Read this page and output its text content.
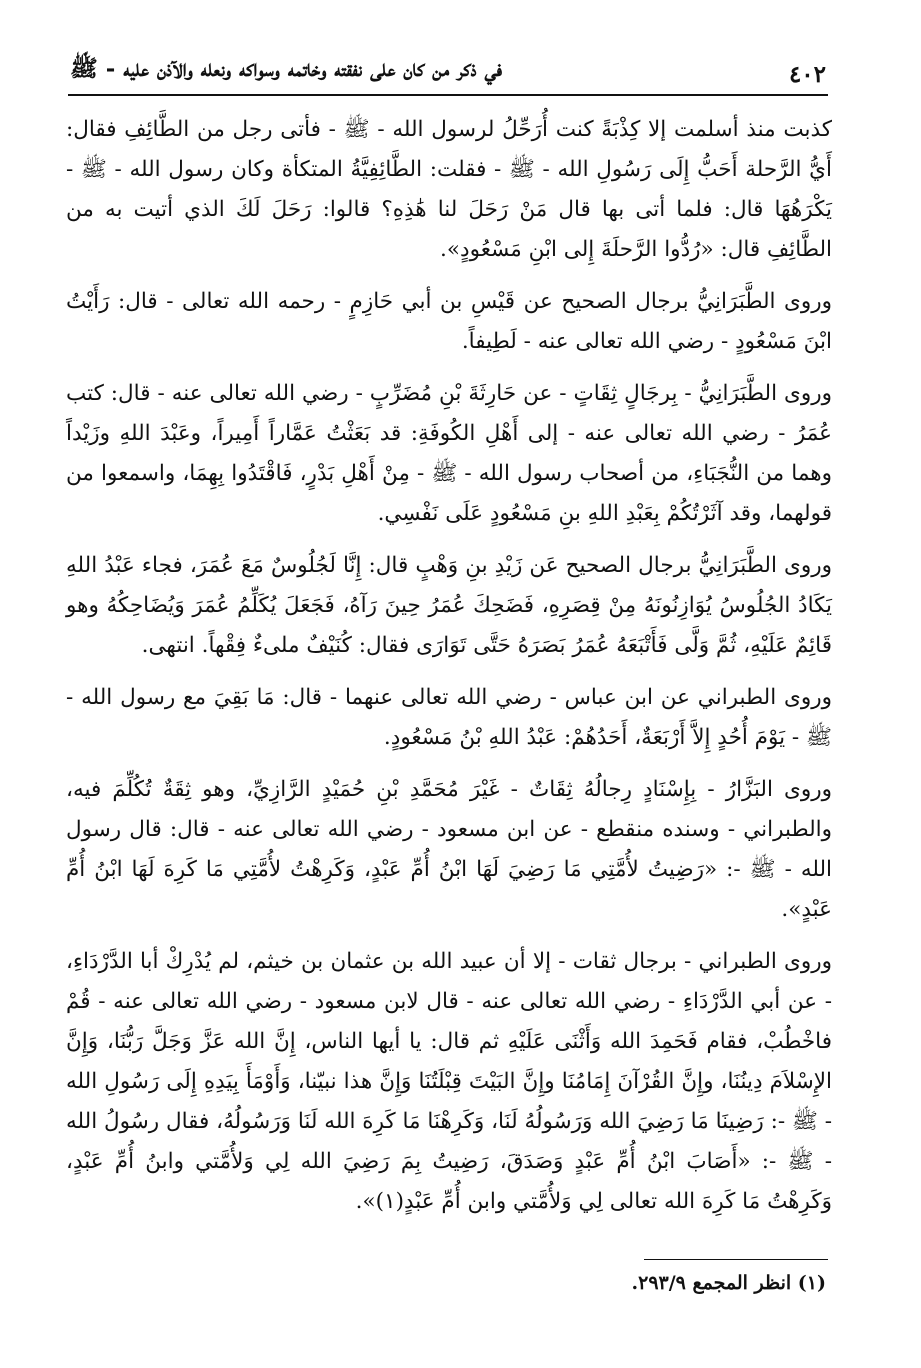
٤٠٢
في ذكر من كان على نفقته وخاتمه وسواكه ونعله والآذن عليه - ﷺ

كذبت منذ أسلمت إلا كِذْبَةً كنت أُرَحِّلُ لرسول الله - ﷺ - فأتى رجل من الطَّائِفِ فقال: أَيُّ الرَّحلة أَحَبُّ إِلَى رَسُولِ الله - ﷺ - فقلت: الطَّائِفِيَّةُ المتكأة وكان رسول الله - ﷺ - يَكْرَهُهَا قال: فلما أتى بها قال مَنْ رَحَلَ لنا هَٰذِهِ؟ قالوا: رَحَلَ لَكَ الذي أتيت به من الطَّائِفِ قال: «رُدُّوا الرَّحلَةَ إِلى ابْنِ مَسْعُودٍ».

وروى الطَّبَرَانِيُّ برجال الصحيح عن قَيْسِ بن أبي حَازِمٍ - رحمه الله تعالى - قال: رَأَيْتُ ابْنَ مَسْعُودٍ - رضي الله تعالى عنه - لَطِيفاً.

وروى الطَّبَرَانِيُّ - بِرجَالٍ ثِقَاتٍ - عن حَارِثَةَ بْنِ مُضَرِّبٍ - رضي الله تعالى عنه - قال: كتب عُمَرُ - رضي الله تعالى عنه - إلى أَهْلِ الكُوفَةِ: قد بَعَثْتُ عَمَّاراً أَمِيراً، وعَبْدَ اللهِ وزَيْداً وهما من النُّجَبَاءِ، من أصحاب رسول الله - ﷺ - مِنْ أَهْلِ بَدْرٍ، فَاقْتَدُوا بِهِمَا، واسمعوا من قولهما، وقد آثَرْتُكُمْ بِعَبْدِ اللهِ بنِ مَسْعُودٍ عَلَى نَفْسِي.

وروى الطَّبَرَانِيُّ برجال الصحيح عَن زَيْدِ بنِ وَهْبٍ قال: إِنَّا لَجُلُوسٌ مَعَ عُمَرَ، فجاء عَبْدُ اللهِ يَكَادُ الجُلُوسُ يُوَازِنُونَهُ مِنْ قِصَرِهِ، فَضَحِكَ عُمَرُ حِينَ رَآهُ، فَجَعَلَ يُكَلِّمُ عُمَرَ وَيُضَاحِكُهُ وهو قَائِمٌ عَلَيْهِ، ثُمَّ وَلَّى فَأَتْبَعَهُ عُمَرُ بَصَرَهُ حَتَّى تَوَارَى فقال: كُنَيْفٌ ملىءٌ فِقْهاً. انتهى.

وروى الطبراني عن ابن عباس - رضي الله تعالى عنهما - قال: مَا بَقِيَ مع رسول الله - ﷺ - يَوْمَ أُحُدٍ إِلاَّ أَرْبَعَةٌ، أَحَدُهُمْ: عَبْدُ اللهِ بْنُ مَسْعُودٍ.

وروى البَزَّارُ - بِإِسْنَادٍ رِجالُهُ ثِقَاتٌ - غَيْرَ مُحَمَّدِ بْنِ حُمَيْدٍ الرَّازِيِّ، وهو ثِقَةٌ تُكُلِّمَ فيه، والطبراني - وسنده منقطع - عن ابن مسعود - رضي الله تعالى عنه - قال: قال رسول الله - ﷺ -: «رَضِيتُ لأُمَّتِي مَا رَضِيَ لَهَا ابْنُ أُمِّ عَبْدٍ، وَكَرِهْتُ لأُمَّتِي مَا كَرِهَ لَهَا ابْنُ أُمِّ عَبْدٍ».

وروى الطبراني - برجال ثقات - إلا أن عبيد الله بن عثمان بن خيثم، لم يُدْرِكْ أبا الدَّرْدَاءِ، - عن أبي الدَّرْدَاءِ - رضي الله تعالى عنه - قال لابن مسعود - رضي الله تعالى عنه - قُمْ فاخْطُبْ، فقام فَحَمِدَ الله وَأَثْنَى عَلَيْهِ ثم قال: يا أيها الناس، إِنَّ الله عَزَّ وَجَلَّ رَبُّنَا، وَإِنَّ الإِسْلاَمَ دِينُنَا، وإِنَّ القُرْآنَ إِمَامُنَا وإِنَّ البَيْتَ قِبْلَتُنَا وَإِنَّ هذا نبيّنا، وَأَوْمَأَ بِيَدِهِ إِلَى رَسُولِ الله - ﷺ -: رَضِينَا مَا رَضِيَ الله وَرَسُولُهُ لَنَا، وَكَرِهْنَا مَا كَرِهَ الله لَنَا وَرَسُولُهُ، فقال رسُولُ الله - ﷺ -: «أَصَابَ ابْنُ أُمِّ عَبْدٍ وَصَدَقَ، رَضِيتُ بِمَ رَضِيَ الله لِي وَلأُمَّتي وابنُ أُمِّ عَبْدٍ، وَكَرِهْتُ مَا كَرِهَ الله تعالى لِي وَلأُمَّتي وابن أُمِّ عَبْدٍ(١)».

(١) انظر المجمع ٢٩٣/٩.
